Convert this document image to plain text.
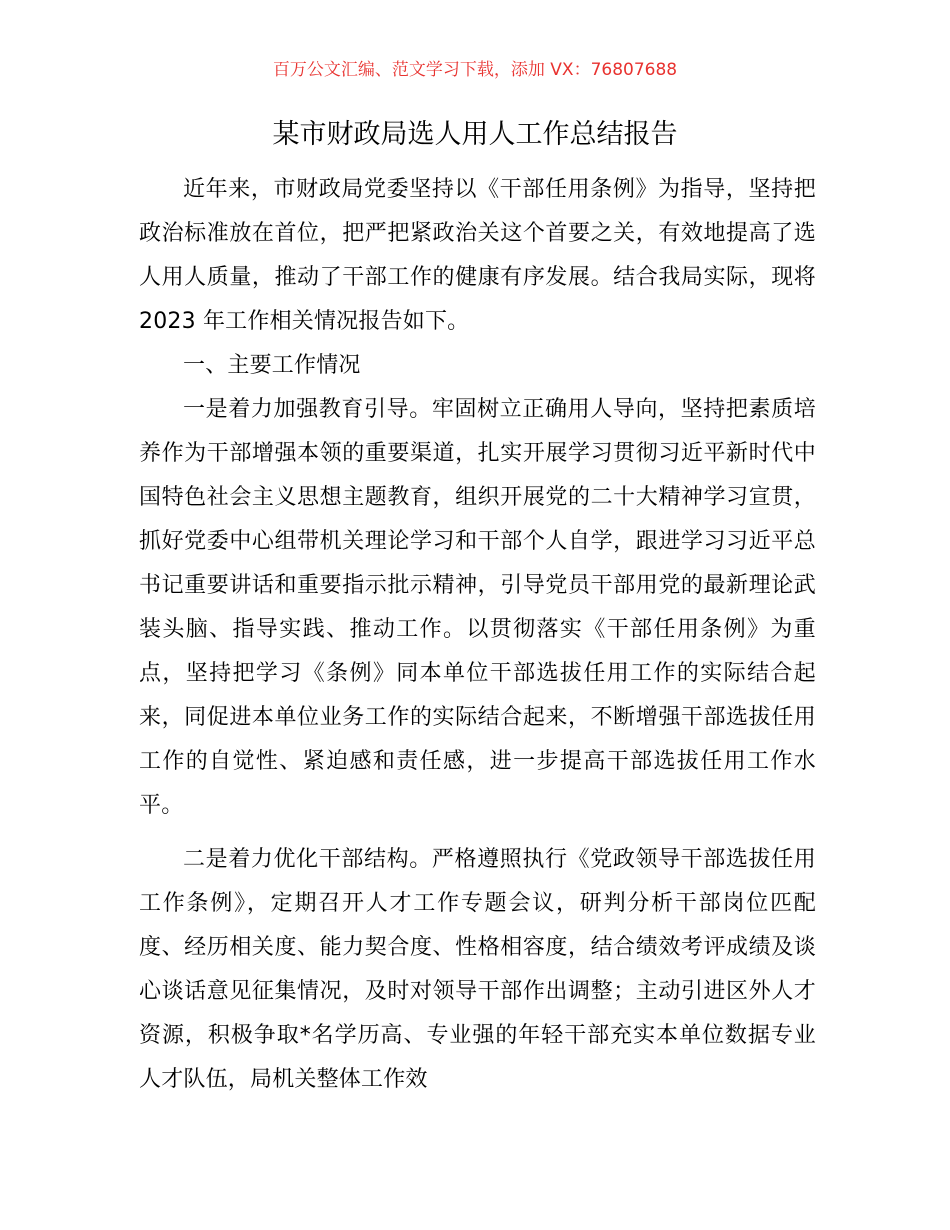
百万公文汇编、范文学习下载，添加 VX：76807688
某市财政局选人用人工作总结报告

近年来，市财政局党委坚持以《干部任用条例》为指导，坚持把政治标准放在首位，把严把紧政治关这个首要之关，有效地提高了选人用人质量，推动了干部工作的健康有序发展。结合我局实际，现将 2023 年工作相关情况报告如下。

一、主要工作情况

一是着力加强教育引导。牢固树立正确用人导向，坚持把素质培养作为干部增强本领的重要渠道，扎实开展学习贯彻习近平新时代中国特色社会主义思想主题教育，组织开展党的二十大精神学习宣贯，抓好党委中心组带机关理论学习和干部个人自学，跟进学习习近平总书记重要讲话和重要指示批示精神，引导党员干部用党的最新理论武装头脑、指导实践、推动工作。以贯彻落实《干部任用条例》为重点，坚持把学习《条例》同本单位干部选拔任用工作的实际结合起来，同促进本单位业务工作的实际结合起来，不断增强干部选拔任用工作的自觉性、紧迫感和责任感，进一步提高干部选拔任用工作水平。

二是着力优化干部结构。严格遵照执行《党政领导干部选拔任用工作条例》，定期召开人才工作专题会议，研判分析干部岗位匹配度、经历相关度、能力契合度、性格相容度，结合绩效考评成绩及谈心谈话意见征集情况，及时对领导干部作出调整；主动引进区外人才资源，积极争取*名学历高、专业强的年轻干部充实本单位数据专业人才队伍，局机关整体工作效
